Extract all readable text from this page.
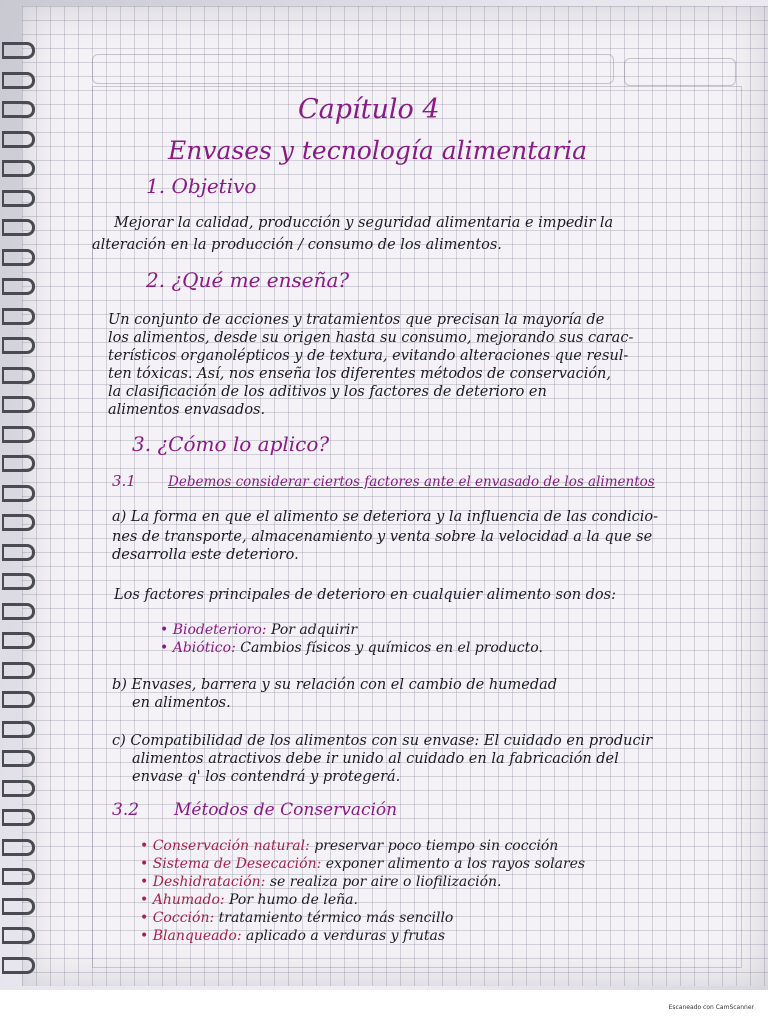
Capítulo 4
Envases y tecnología alimentaria
1. Objetivo
Mejorar la calidad, producción y seguridad alimentaria e impedir la
alteración en la producción / consumo de los alimentos.
2. ¿Qué me enseña?
Un conjunto de acciones y tratamientos que precisan la mayoría de
los alimentos, desde su origen hasta su consumo, mejorando sus carac-
terísticos organolépticos y de textura, evitando alteraciones que resul-
ten tóxicas. Así, nos enseña los diferentes métodos de conservación,
la clasificación de los aditivos y los factores de deterioro en
alimentos envasados.
3. ¿Cómo lo aplico?
3.1 Debemos considerar ciertos factores ante el envasado de los alimentos
a) La forma en que el alimento se deteriora y la influencia de las condicio-
nes de transporte, almacenamiento y venta sobre la velocidad a la que se
desarrolla este deterioro.
Los factores principales de deterioro en cualquier alimento son dos:
• Biodeterioro: Por adquirir
• Abiótico: Cambios físicos y químicos en el producto.
b) Envases, barrera y su relación con el cambio de humedad
en alimentos.
c) Compatibilidad de los alimentos con su envase: El cuidado en producir
alimentos atractivos debe ir unido al cuidado en la fabricación del
envase q' los contendrá y protegerá.
3.2 Métodos de Conservación
• Conservación natural: preservar poco tiempo sin cocción
• Sistema de Desecación: exponer alimento a los rayos solares
• Deshidratación: se realiza por aire o liofilización.
• Ahumado: Por humo de leña.
• Cocción: tratamiento térmico más sencillo
• Blanqueado: aplicado a verduras y frutas
Escaneado con CamScanner
